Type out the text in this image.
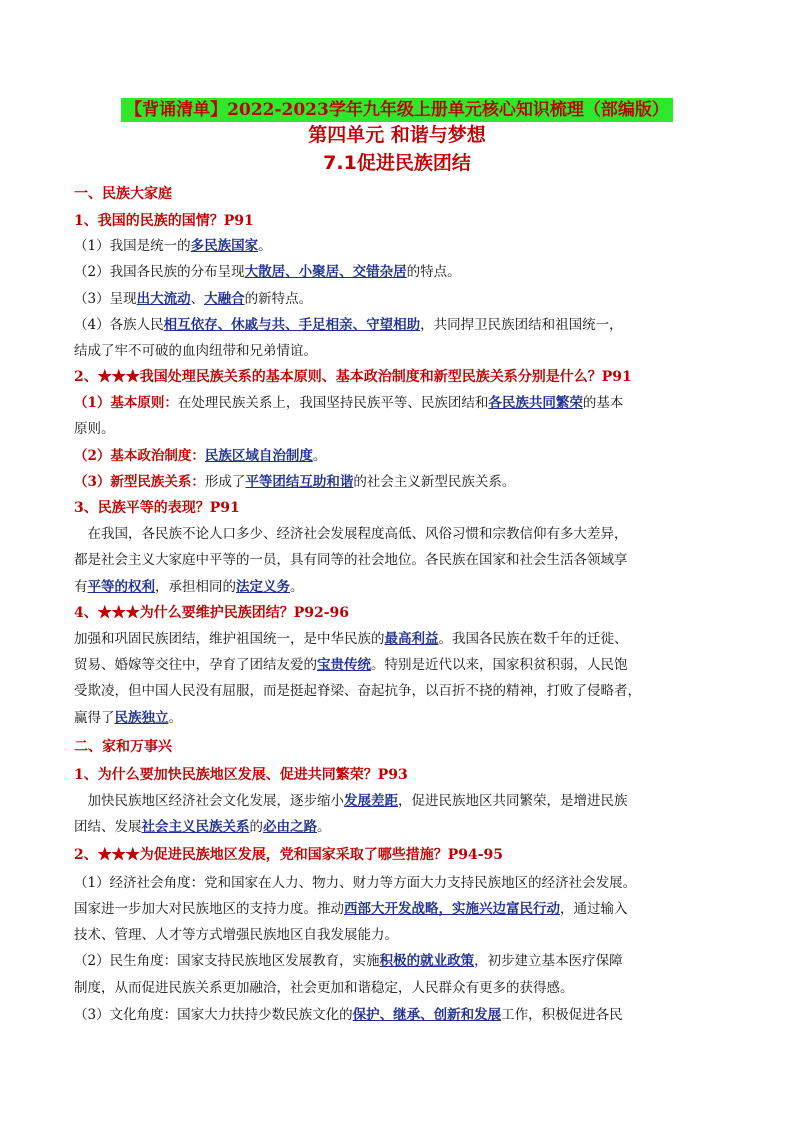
【背诵清单】2022-2023学年九年级上册单元核心知识梳理（部编版）
第四单元 和谐与梦想
7.1促进民族团结
一、民族大家庭
1、我国的民族的国情？P91
（1）我国是统一的多民族国家。
（2）我国各民族的分布呈现大散居、小聚居、交错杂居的特点。
（3）呈现出大流动、大融合的新特点。
（4）各族人民相互依存、休戚与共、手足相亲、守望相助，共同捍卫民族团结和祖国统一，
结成了牢不可破的血肉纽带和兄弟情谊。
2、★★★我国处理民族关系的基本原则、基本政治制度和新型民族关系分别是什么？P91
（1）基本原则：在处理民族关系上，我国坚持民族平等、民族团结和各民族共同繁荣的基本
原则。
（2）基本政治制度：民族区域自治制度。
（3）新型民族关系：形成了平等团结互助和谐的社会主义新型民族关系。
3、民族平等的表现？P91
　在我国，各民族不论人口多少、经济社会发展程度高低、风俗习惯和宗教信仰有多大差异，
都是社会主义大家庭中平等的一员，具有同等的社会地位。各民族在国家和社会生活各领域享
有平等的权利，承担相同的法定义务。
4、★★★为什么要维护民族团结？P92-96
加强和巩固民族团结，维护祖国统一，是中华民族的最高利益。我国各民族在数千年的迁徙、
贸易、婚嫁等交往中，孕育了团结友爱的宝贵传统。特别是近代以来，国家积贫积弱，人民饱
受欺凌，但中国人民没有屈服，而是挺起脊梁、奋起抗争，以百折不挠的精神，打败了侵略者，
赢得了民族独立。
二、家和万事兴
1、为什么要加快民族地区发展、促进共同繁荣？P93
　加快民族地区经济社会文化发展，逐步缩小发展差距，促进民族地区共同繁荣，是增进民族
团结、发展社会主义民族关系的必由之路。
2、★★★为促进民族地区发展，党和国家采取了哪些措施？P94-95
（1）经济社会角度：党和国家在人力、物力、财力等方面大力支持民族地区的经济社会发展。
国家进一步加大对民族地区的支持力度。推动西部大开发战略，实施兴边富民行动，通过输入
技术、管理、人才等方式增强民族地区自我发展能力。
（2）民生角度：国家支持民族地区发展教育，实施积极的就业政策，初步建立基本医疗保障
制度，从而促进民族关系更加融洽，社会更加和谐稳定，人民群众有更多的获得感。
（3）文化角度：国家大力扶持少数民族文化的保护、继承、创新和发展工作，积极促进各民
